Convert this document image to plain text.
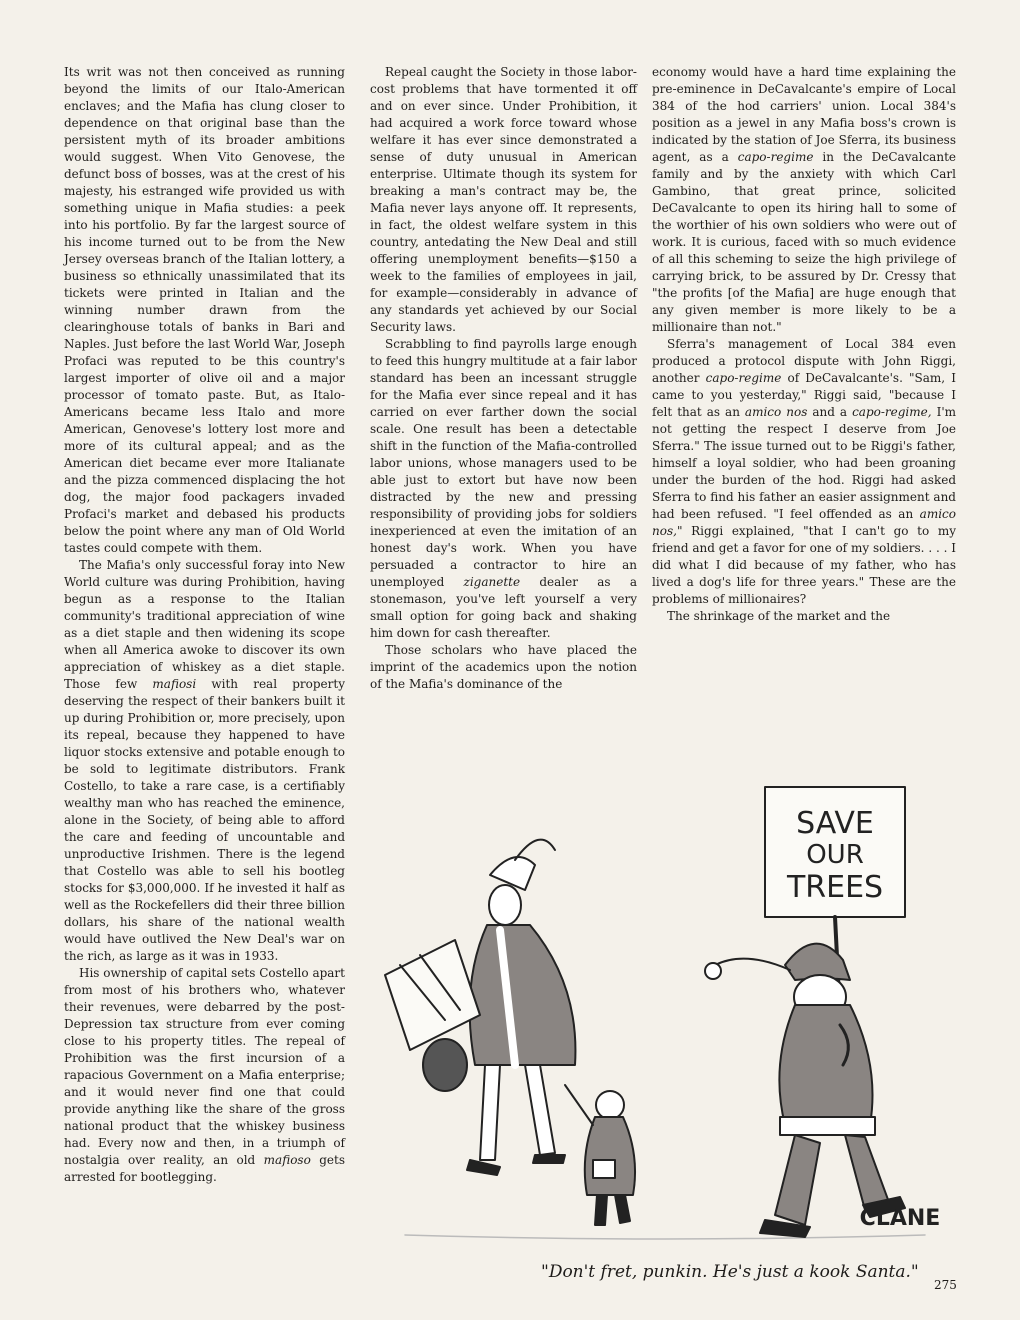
Its writ was not then conceived as running beyond the limits of our Italo-American enclaves; and the Mafia has clung closer to dependence on that original base than the persistent myth of its broader ambitions would suggest. When Vito Genovese, the defunct boss of bosses, was at the crest of his majesty, his estranged wife provided us with something unique in Mafia studies: a peek into his portfolio. By far the largest source of his income turned out to be from the New Jersey overseas branch of the Italian lottery, a business so ethnically unassimilated that its tickets were printed in Italian and the winning number drawn from the clearinghouse totals of banks in Bari and Naples. Just before the last World War, Joseph Profaci was reputed to be this country's largest importer of olive oil and a major processor of tomato paste. But, as Italo-Americans became less Italo and more American, Genovese's lottery lost more and more of its cultural appeal; and as the American diet became ever more Italianate and the pizza commenced displacing the hot dog, the major food packagers invaded Profaci's market and debased his products below the point where any man of Old World tastes could compete with them.

The Mafia's only successful foray into New World culture was during Prohibition, having begun as a response to the Italian community's traditional appreciation of wine as a diet staple and then widening its scope when all America awoke to discover its own appreciation of whiskey as a diet staple. Those few mafiosi with real property deserving the respect of their bankers built it up during Prohibition or, more precisely, upon its repeal, because they happened to have liquor stocks extensive and potable enough to be sold to legitimate distributors. Frank Costello, to take a rare case, is a certifiably wealthy man who has reached the eminence, alone in the Society, of being able to afford the care and feeding of uncountable and unproductive Irishmen. There is the legend that Costello was able to sell his bootleg stocks for $3,000,000. If he invested it half as well as the Rockefellers did their three billion dollars, his share of the national wealth would have outlived the New Deal's war on the rich, as large as it was in 1933.

His ownership of capital sets Costello apart from most of his brothers who, whatever their revenues, were debarred by the post-Depression tax structure from ever coming close to his property titles. The repeal of Prohibition was the first incursion of a rapacious Government on a Mafia enterprise; and it would never find one that could provide anything like the share of the gross national product that the whiskey business had. Every now and then, in a triumph of nostalgia over reality, an old mafioso gets arrested for bootlegging.

Repeal caught the Society in those labor-cost problems that have tormented it off and on ever since. Under Prohibition, it had acquired a work force toward whose welfare it has ever since demonstrated a sense of duty unusual in American enterprise. Ultimate though its system for breaking a man's contract may be, the Mafia never lays anyone off. It represents, in fact, the oldest welfare system in this country, antedating the New Deal and still offering unemployment benefits—$150 a week to the families of employees in jail, for example—considerably in advance of any standards yet achieved by our Social Security laws.

Scrabbling to find payrolls large enough to feed this hungry multitude at a fair labor standard has been an incessant struggle for the Mafia ever since repeal and it has carried on ever farther down the social scale. One result has been a detectable shift in the function of the Mafia-controlled labor unions, whose managers used to be able just to extort but have now been distracted by the new and pressing responsibility of providing jobs for soldiers inexperienced at even the imitation of an honest day's work. When you have persuaded a contractor to hire an unemployed ziganette dealer as a stonemason, you've left yourself a very small option for going back and shaking him down for cash thereafter.

Those scholars who have placed the imprint of the academics upon the notion of the Mafia's dominance of the

economy would have a hard time explaining the pre-eminence in DeCavalcante's empire of Local 384 of the hod carriers' union. Local 384's position as a jewel in any Mafia boss's crown is indicated by the station of Joe Sferra, its business agent, as a capo-regime in the DeCavalcante family and by the anxiety with which Carl Gambino, that great prince, solicited DeCavalcante to open its hiring hall to some of the worthier of his own soldiers who were out of work. It is curious, faced with so much evidence of all this scheming to seize the high privilege of carrying brick, to be assured by Dr. Cressy that "the profits [of the Mafia] are huge enough that any given member is more likely to be a millionaire than not."

Sferra's management of Local 384 even produced a protocol dispute with John Riggi, another capo-regime of DeCavalcante's. "Sam, I came to you yesterday," Riggi said, "because I felt that as an amico nos and a capo-regime, I'm not getting the respect I deserve from Joe Sferra." The issue turned out to be Riggi's father, himself a loyal soldier, who had been groaning under the burden of the hod. Riggi had asked Sferra to find his father an easier assignment and had been refused. "I feel offended as an amico nos," Riggi explained, "that I can't go to my friend and get a favor for one of my soldiers. . . . I did what I did because of my father, who has lived a dog's life for three years." These are the problems of millionaires?

The shrinkage of the market and the

SAVE
OUR
TREES
CLANE
"Don't fret, punkin. He's just a kook Santa."
275
